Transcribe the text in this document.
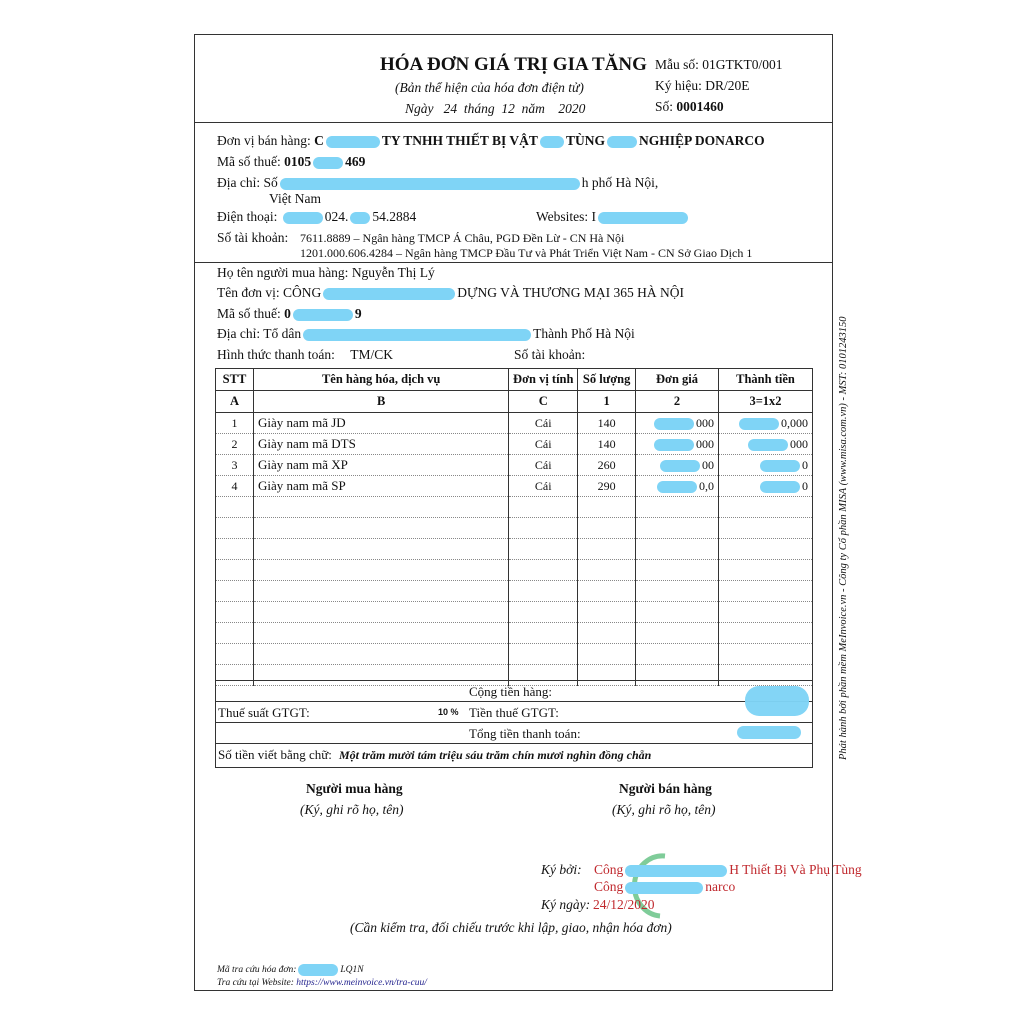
HÓA ĐƠN GIÁ TRỊ GIA TĂNG
(Bản thể hiện của hóa đơn điện tử)
Ngày   24  tháng  12  năm    2020
Mẫu số: 01GTKT0/001
Ký hiệu: DR/20E
Số: 0001460
Đơn vị bán hàng: C	TY TNHH THIẾT BỊ VẬT TÙNG	NGHIỆP DONARCO
Mã số thuế: 0105	469
Địa chỉ: Số	h phố Hà Nội,
Việt Nam
Điện thoại:	024. 54.2884	Websites: I
Số tài khoản: 7611.8889 – Ngân hàng TMCP Á Châu, PGD Đền Lừ - CN Hà Nội
1201.000.606.4284 – Ngân hàng TMCP Đầu Tư và Phát Triển Việt Nam - CN Sở Giao Dịch 1
Họ tên người mua hàng: Nguyễn Thị Lý
Tên đơn vị: CÔNG	DỰNG VÀ THƯƠNG MẠI 365 HÀ NỘI
Mã số thuế: 0	9
Địa chỉ: Tổ dân	Thành Phố Hà Nội
Hình thức thanh toán: TM/CK	Số tài khoản:
STT	Tên hàng hóa, dịch vụ	Đơn vị tính	Số lượng	Đơn giá	Thành tiền
A	B	C	1	2	3=1x2
1	Giày nam mã JD	Cái	140	000	0,000
2	Giày nam mã DTS	Cái	140	000	000
3	Giày nam mã XP	Cái	260	00	0
4	Giày nam mã SP	Cái	290	0,0	0

Cộng tiền hàng:
Thuế suất GTGT:	10 % Tiền thuế GTGT:
Tổng tiền thanh toán:
Số tiền viết bằng chữ: Một trăm mười tám triệu sáu trăm chín mươi nghìn đồng chẵn
Người mua hàng
(Ký, ghi rõ họ, tên)
Người bán hàng
(Ký, ghi rõ họ, tên)
Ký bởi: Công	H Thiết Bị Và Phụ Tùng
Công	narco
Ký ngày: 24/12/2020
(Cần kiểm tra, đối chiếu trước khi lập, giao, nhận hóa đơn)
Mã tra cứu hóa đơn:	LQ1N
Tra cứu tại Website: https://www.meinvoice.vn/tra-cuu/
Phát hành bởi phần mềm MeInvoice.vn - Công ty Cổ phần MISA (www.misa.com.vn) - MST: 0101243150
